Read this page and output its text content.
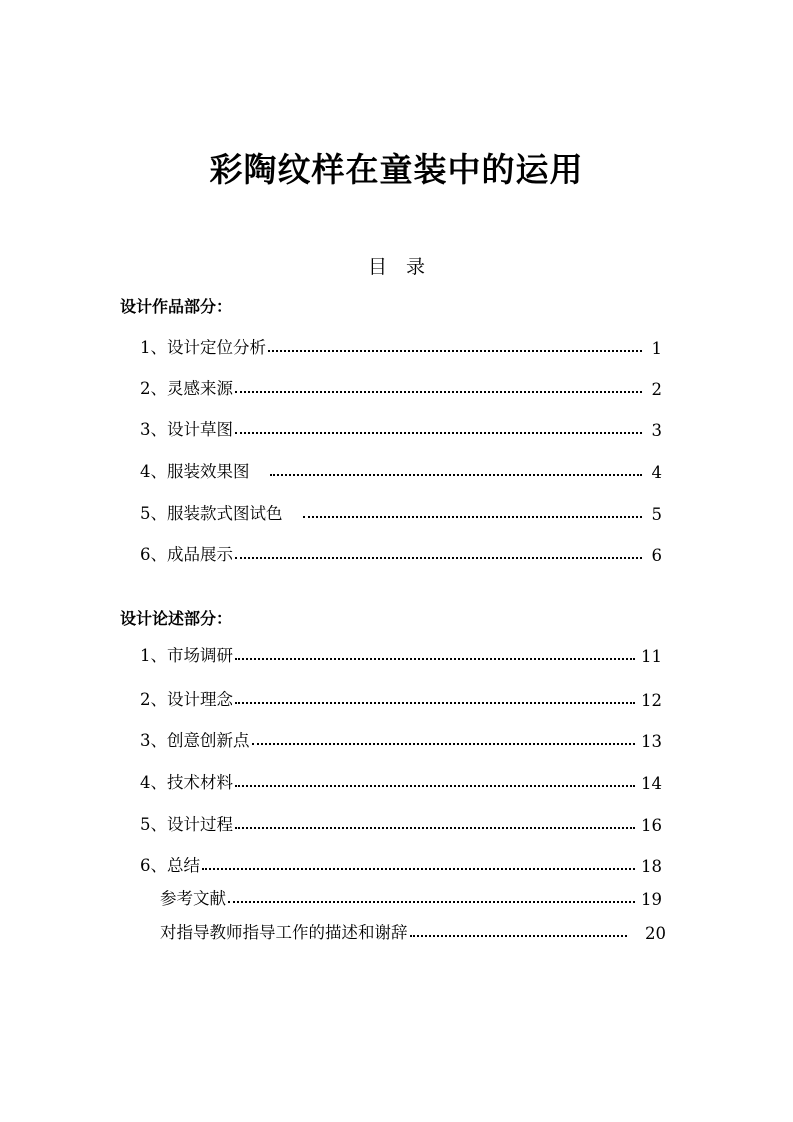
彩陶纹样在童装中的运用
目　录
设计作品部分：
1、设计定位分析	1
2、灵感来源	2
3、设计草图	3
4、服装效果图	4
5、服装款式图试色	5
6、成品展示	6
设计论述部分：
1、市场调研	11
2、设计理念	12
3、创意创新点	13
4、技术材料	14
5、设计过程	16
6、总结	18
参考文献	19
对指导教师指导工作的描述和谢辞	20
